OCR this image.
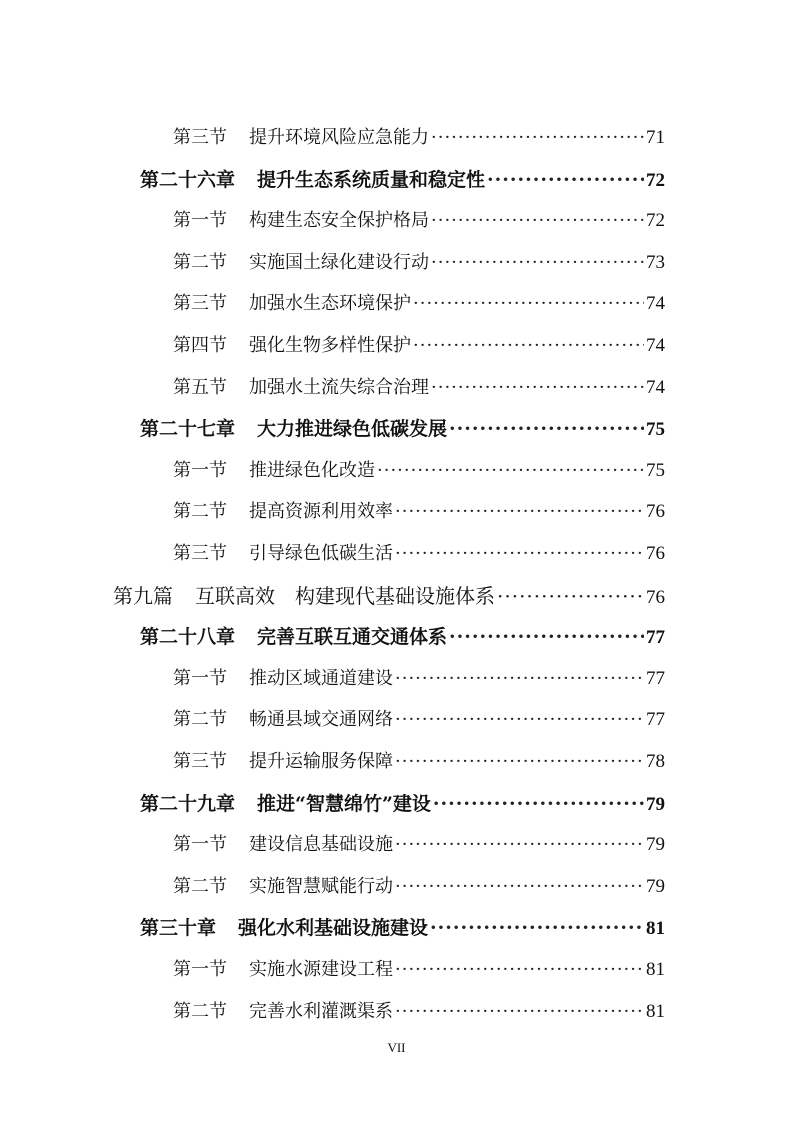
第三节 提升环境风险应急能力 ·····	71
第二十六章 提升生态系统质量和稳定性 ·····	72
第一节 构建生态安全保护格局 ·····	72
第二节 实施国土绿化建设行动 ·····	73
第三节 加强水生态环境保护 ·····	74
第四节 强化生物多样性保护 ·····	74
第五节 加强水土流失综合治理 ·····	74
第二十七章 大力推进绿色低碳发展 ·····	75
第一节 推进绿色化改造 ·····	75
第二节 提高资源利用效率 ·····	76
第三节 引导绿色低碳生活 ·····	76
第九篇 互联高效　构建现代基础设施体系 ·····	76
第二十八章 完善互联互通交通体系 ·····	77
第一节 推动区域通道建设 ·····	77
第二节 畅通县域交通网络 ·····	77
第三节 提升运输服务保障 ·····	78
第二十九章 推进“智慧绵竹”建设 ·····	79
第一节 建设信息基础设施 ·····	79
第二节 实施智慧赋能行动 ·····	79
第三十章 强化水利基础设施建设 ·····	81
第一节 实施水源建设工程 ·····	81
第二节 完善水利灌溉渠系 ·····	81
VII
